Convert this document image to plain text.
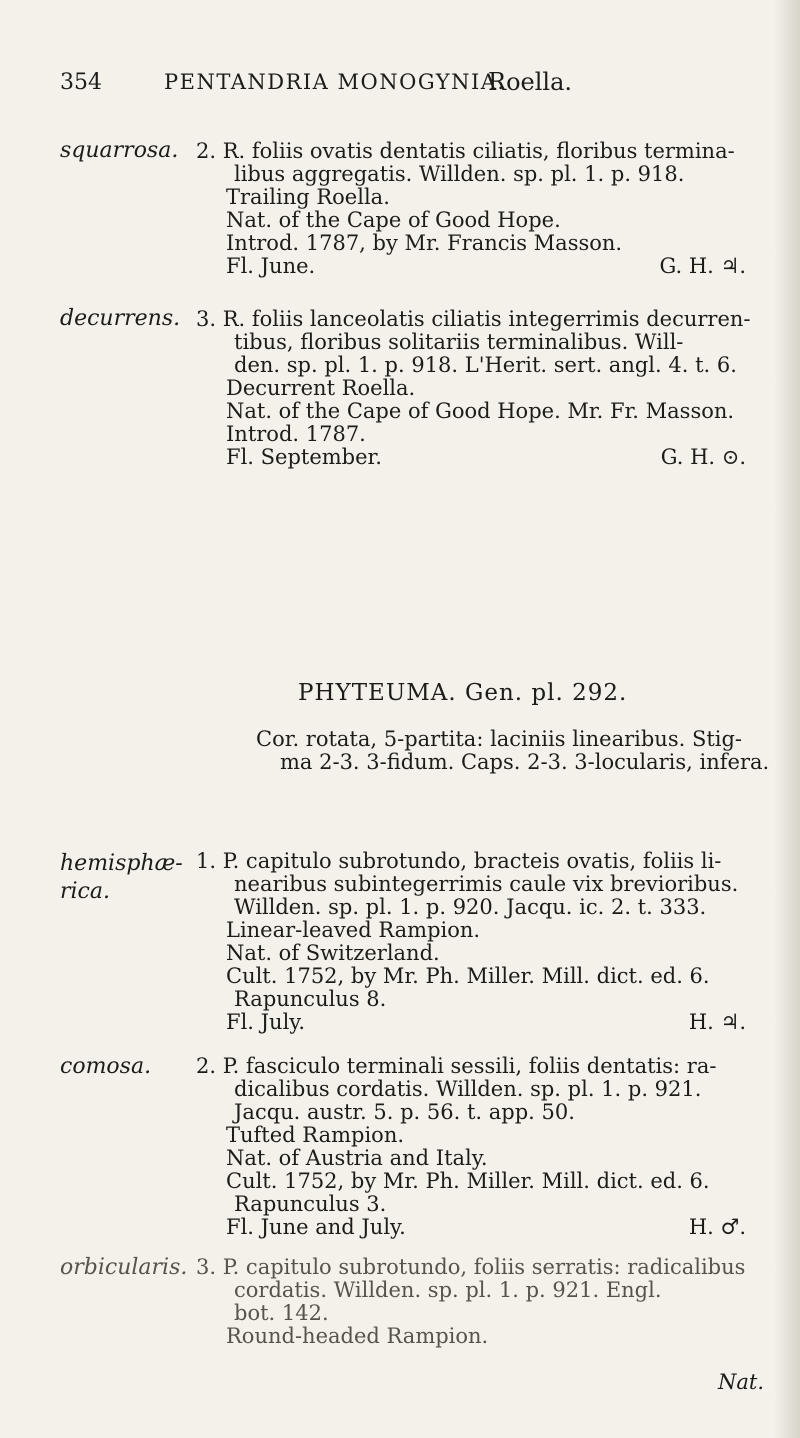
354	PENTANDRIA MONOGYNIA.
Roella.
squarrosa. 2. R. foliis ovatis dentatis ciliatis, floribus termina-
libus aggregatis. Willden. sp. pl. 1. p. 918.
Trailing Roella.
Nat. of the Cape of Good Hope.
Introd. 1787, by Mr. Francis Masson.
Fl. June.	G. H. ♃.
decurrens. 3. R. foliis lanceolatis ciliatis integerrimis decurren-
tibus, floribus solitariis terminalibus. Will-
den. sp. pl. 1. p. 918. L'Herit. sert. angl. 4. t. 6.
Decurrent Roella.
Nat. of the Cape of Good Hope. Mr. Fr. Masson.
Introd. 1787.
Fl. September.	G. H. ⊙.
PHYTEUMA. Gen. pl. 292.
Cor. rotata, 5-partita: laciniis linearibus. Stig-
ma 2-3. 3-fidum. Caps. 2-3. 3-locularis, infera.
hemisphæ-
rica.
1. P. capitulo subrotundo, bracteis ovatis, foliis li-
nearibus subintegerrimis caule vix brevioribus.
Willden. sp. pl. 1. p. 920. Jacqu. ic. 2. t. 333.
Linear-leaved Rampion.
Nat. of Switzerland.
Cult. 1752, by Mr. Ph. Miller. Mill. dict. ed. 6.
Rapunculus 8.
Fl. July.	H. ♃.
comosa. 2. P. fasciculo terminali sessili, foliis dentatis: ra-
dicalibus cordatis. Willden. sp. pl. 1. p. 921.
Jacqu. austr. 5. p. 56. t. app. 50.
Tufted Rampion.
Nat. of Austria and Italy.
Cult. 1752, by Mr. Ph. Miller. Mill. dict. ed. 6.
Rapunculus 3.
Fl. June and July.	H. ♂.
orbicularis. 3. P. capitulo subrotundo, foliis serratis: radicalibus
cordatis. Willden. sp. pl. 1. p. 921. Engl.
bot. 142.
Round-headed Rampion.
Nat.
